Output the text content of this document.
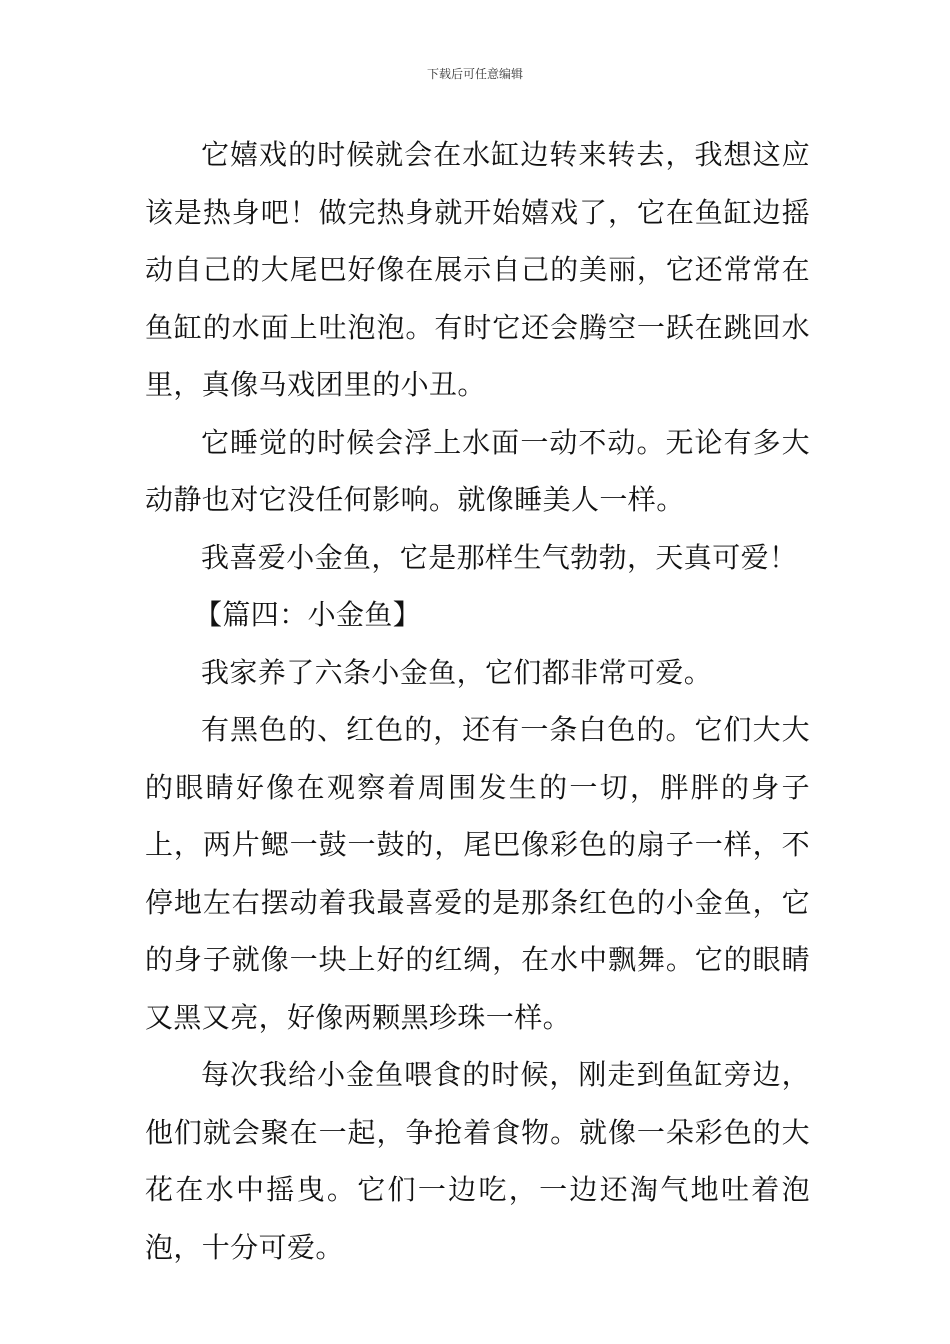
下载后可任意编辑

它嬉戏的时候就会在水缸边转来转去，我想这应该是热身吧！做完热身就开始嬉戏了，它在鱼缸边摇动自己的大尾巴好像在展示自己的美丽，它还常常在鱼缸的水面上吐泡泡。有时它还会腾空一跃在跳回水里，真像马戏团里的小丑。

它睡觉的时候会浮上水面一动不动。无论有多大动静也对它没任何影响。就像睡美人一样。

我喜爱小金鱼，它是那样生气勃勃，天真可爱！

【篇四：小金鱼】

我家养了六条小金鱼，它们都非常可爱。

有黑色的、红色的，还有一条白色的。它们大大的眼睛好像在观察着周围发生的一切，胖胖的身子上，两片鳃一鼓一鼓的，尾巴像彩色的扇子一样，不停地左右摆动着我最喜爱的是那条红色的小金鱼，它的身子就像一块上好的红绸，在水中飘舞。它的眼睛又黑又亮，好像两颗黑珍珠一样。

每次我给小金鱼喂食的时候，刚走到鱼缸旁边，他们就会聚在一起，争抢着食物。就像一朵彩色的大花在水中摇曳。它们一边吃，一边还淘气地吐着泡泡，十分可爱。
